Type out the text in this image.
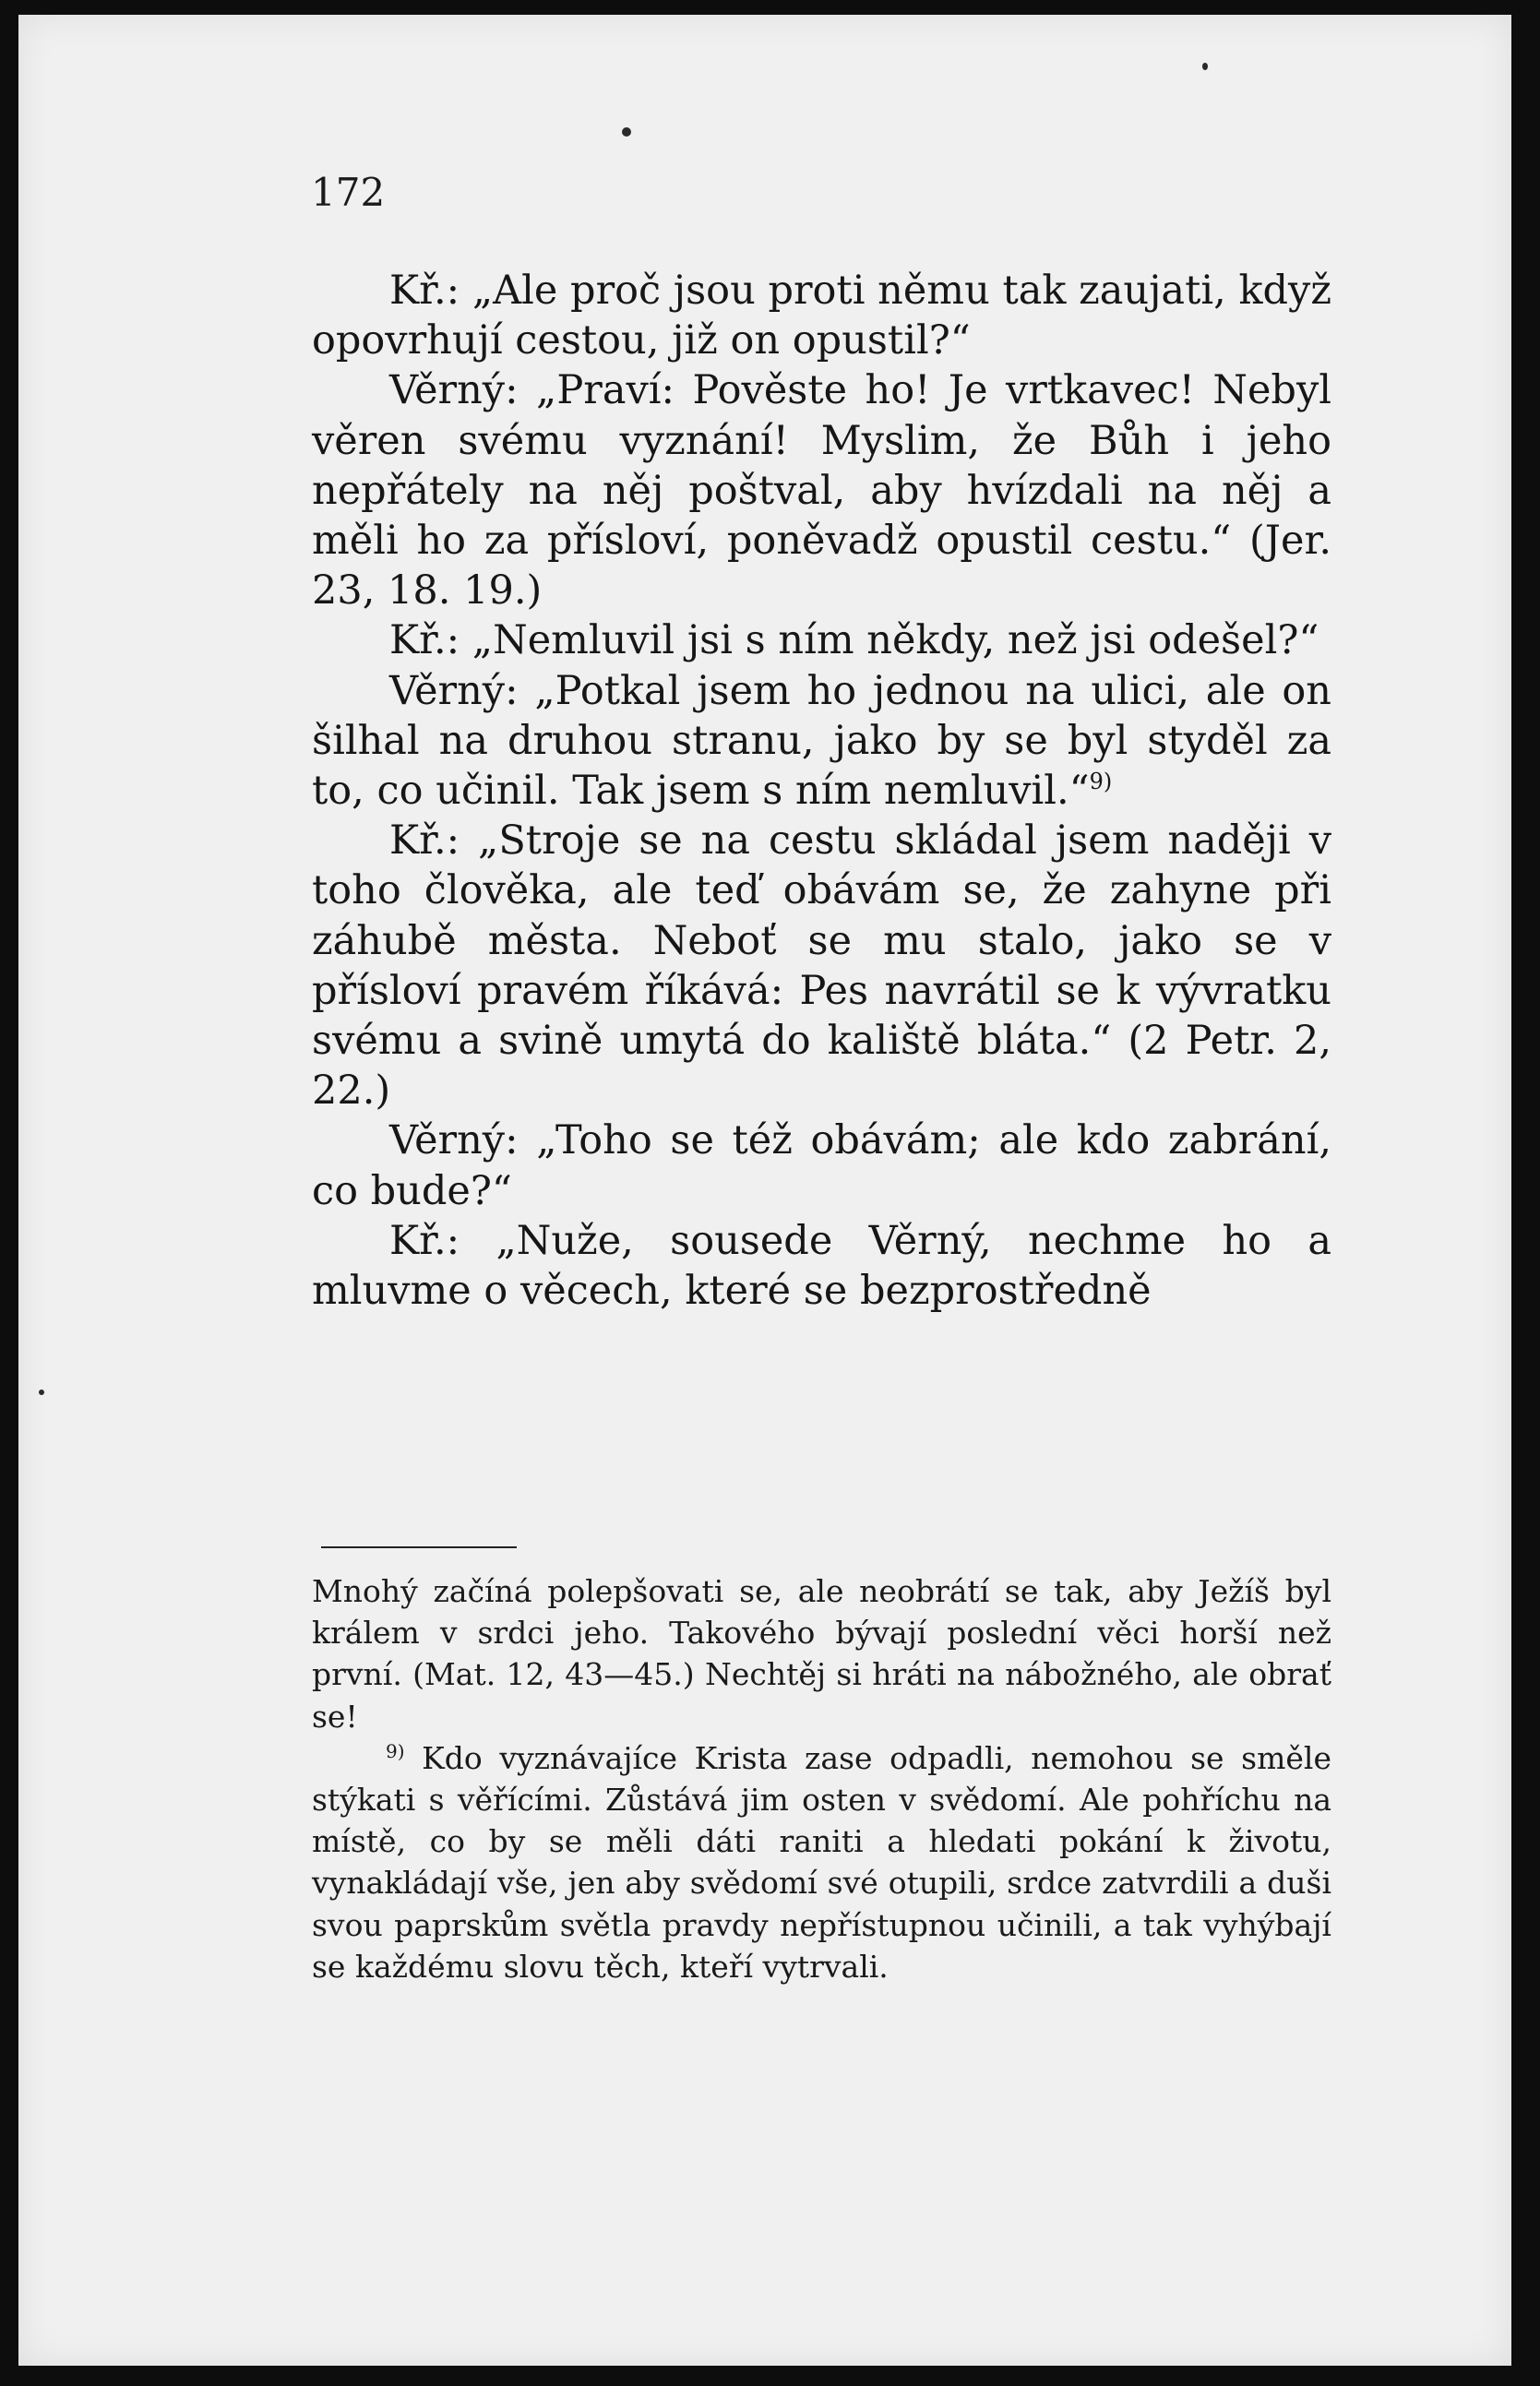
172

Kř.: „Ale proč jsou proti němu tak zaujati, když opovrhují cestou, již on opustil?“

Věrný: „Praví: Pověste ho! Je vrtkavec! Nebyl věren svému vyznání! Myslim, že Bůh i jeho nepřátely na něj poštval, aby hvízdali na něj a měli ho za přísloví, poněvadž opustil cestu.“ (Jer. 23, 18. 19.)

Kř.: „Nemluvil jsi s ním někdy, než jsi odešel?“

Věrný: „Potkal jsem ho jednou na ulici, ale on šilhal na druhou stranu, jako by se byl styděl za to, co učinil. Tak jsem s ním nemluvil.“$^{9)}$

Kř.: „Stroje se na cestu skládal jsem naději v toho člověka, ale teď obávám se, že zahyne při záhubě města. Neboť se mu stalo, jako se v přísloví pravém říkává: Pes navrátil se k vývratku svému a svině umytá do kaliště bláta.“ (2 Petr. 2, 22.)

Věrný: „Toho se též obávám; ale kdo zabrání, co bude?“

Kř.: „Nuže, sousede Věrný, nechme ho a mluvme o věcech, které se bezprostředně

Mnohý začíná polepšovati se, ale neobrátí se tak, aby Ježíš byl králem v srdci jeho. Takového bývají poslední věci horší než první. (Mat. 12, 43—45.) Nechtěj si hráti na nábožného, ale obrať se!

$^{9)}$ Kdo vyznávajíce Krista zase odpadli, nemohou se směle stýkati s věřícími. Zůstává jim osten v svědomí. Ale pohříchu na místě, co by se měli dáti raniti a hledati pokání k životu, vynakládají vše, jen aby svědomí své otupili, srdce zatvrdili a duši svou paprskům světla pravdy nepřístupnou učinili, a tak vyhýbají se každému slovu těch, kteří vytrvali.
